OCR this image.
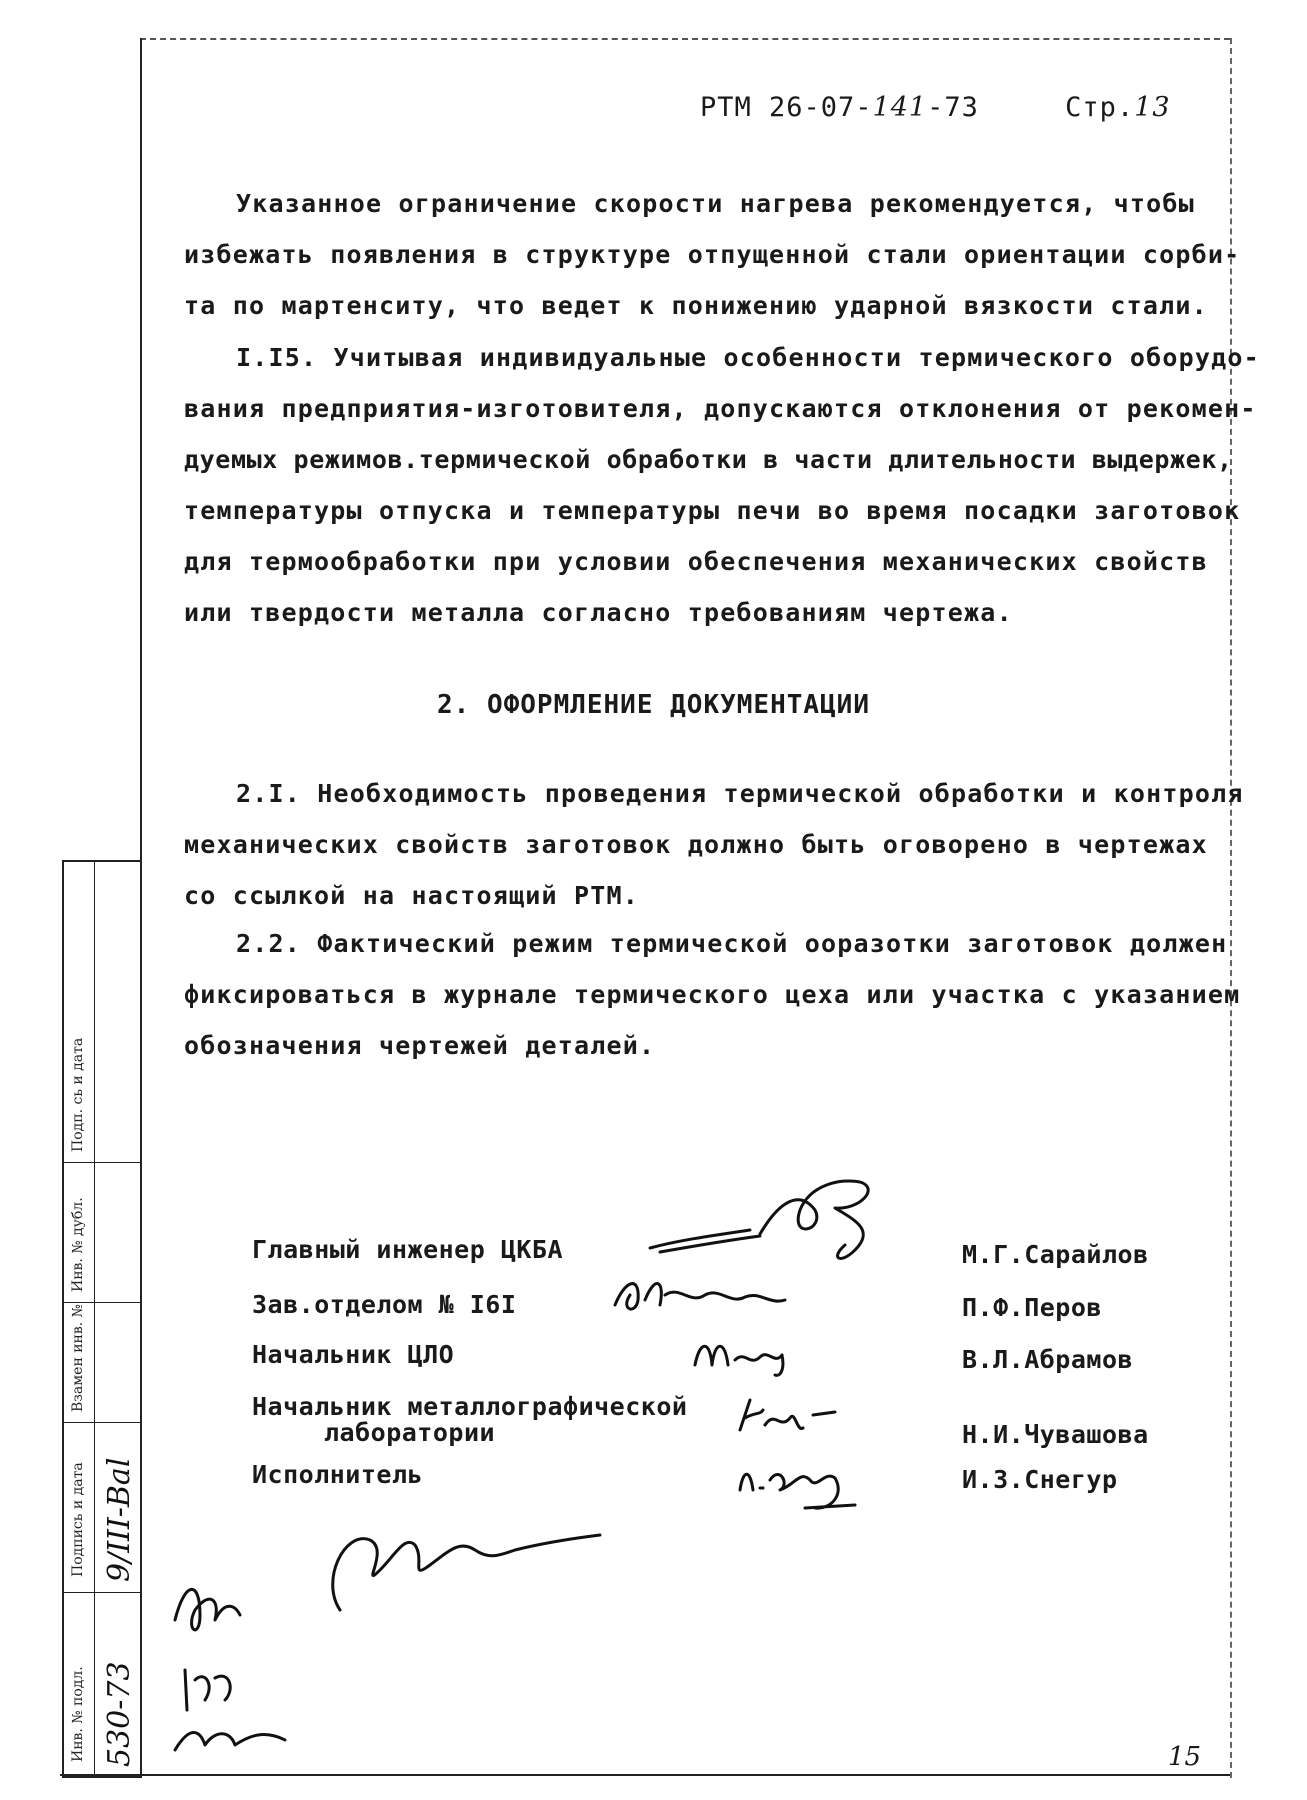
РТМ 26-07-141-73	Стр.13

Указанное ограничение скорости нагрева рекомендуется, чтобы

избежать появления в структуре отпущенной стали ориентации сорби-

та по мартенситу, что ведет к понижению ударной вязкости стали.

I.I5. Учитывая индивидуальные особенности термического оборудо-

вания предприятия-изготовителя, допускаются отклонения от рекомен-

дуемых режимов.термической обработки в части длительности выдержек,

температуры отпуска и температуры печи во время посадки заготовок

для термообработки при условии обеспечения механических свойств

или твердости металла согласно требованиям чертежа.

2. ОФОРМЛЕНИЕ ДОКУМЕНТАЦИИ

2.I. Необходимость проведения термической обработки и контроля

механических свойств заготовок должно быть оговорено в чертежах

со ссылкой на настоящий РТМ.

2.2. Фактический режим термической ооразотки заготовок должен

фиксироваться в журнале термического цеха или участка с указанием

обозначения чертежей деталей.

Главный инженер ЦКБА	М.Г.Сарайлов
Зав.отделом № I6I	П.Ф.Перов
Начальник ЦЛО	В.Л.Абрамов
Начальник металлографической
лаборатории	Н.И.Чувашова
Исполнитель	И.З.Снегур
Инв. № подл.
Подпись и дата
Взамен инв. №
Инв. № дубл.
Подп. сь и дата
530-73
9/III-Bal
15
